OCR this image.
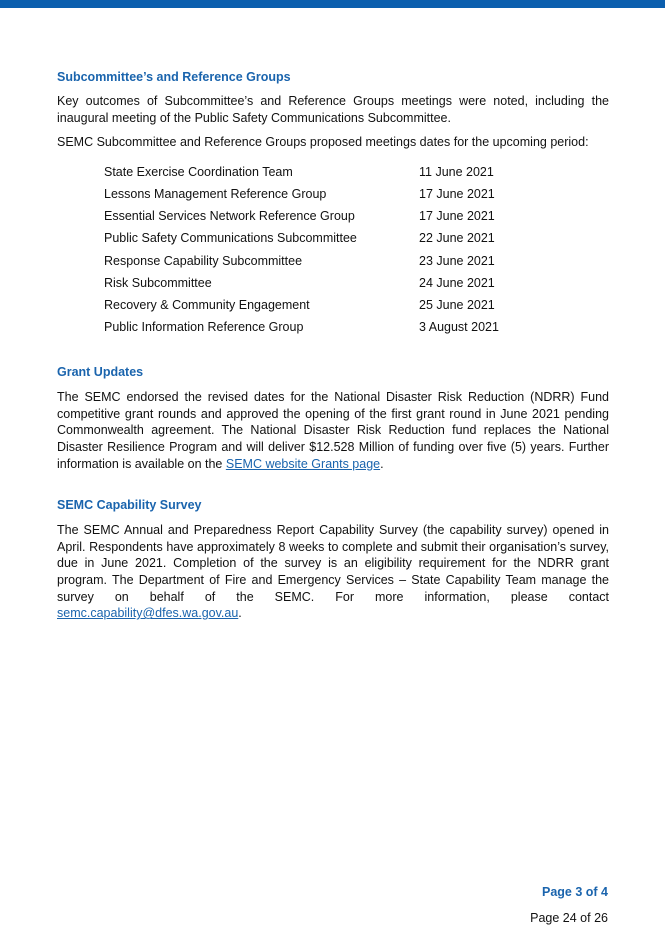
Subcommittee’s and Reference Groups

Key outcomes of Subcommittee’s and Reference Groups meetings were noted, including the inaugural meeting of the Public Safety Communications Subcommittee.

SEMC Subcommittee and Reference Groups proposed meetings dates for the upcoming period:

State Exercise Coordination Team	11 June 2021
Lessons Management Reference Group	17 June 2021
Essential Services Network Reference Group	17 June 2021
Public Safety Communications Subcommittee	22 June 2021
Response Capability Subcommittee	23 June 2021
Risk Subcommittee	24 June 2021
Recovery & Community Engagement	25 June 2021
Public Information Reference Group	3 August 2021
Grant Updates

The SEMC endorsed the revised dates for the National Disaster Risk Reduction (NDRR) Fund competitive grant rounds and approved the opening of the first grant round in June 2021 pending Commonwealth agreement. The National Disaster Risk Reduction fund replaces the National Disaster Resilience Program and will deliver $12.528 Million of funding over five (5) years. Further information is available on the SEMC website Grants page.

SEMC Capability Survey

The SEMC Annual and Preparedness Report Capability Survey (the capability survey) opened in April. Respondents have approximately 8 weeks to complete and submit their organisation’s survey, due in June 2021. Completion of the survey is an eligibility requirement for the NDRR grant program. The Department of Fire and Emergency Services – State Capability Team manage the survey on behalf of the SEMC. For more information, please contact semc.capability@dfes.wa.gov.au.

Page 3 of 4
Page 24 of 26
